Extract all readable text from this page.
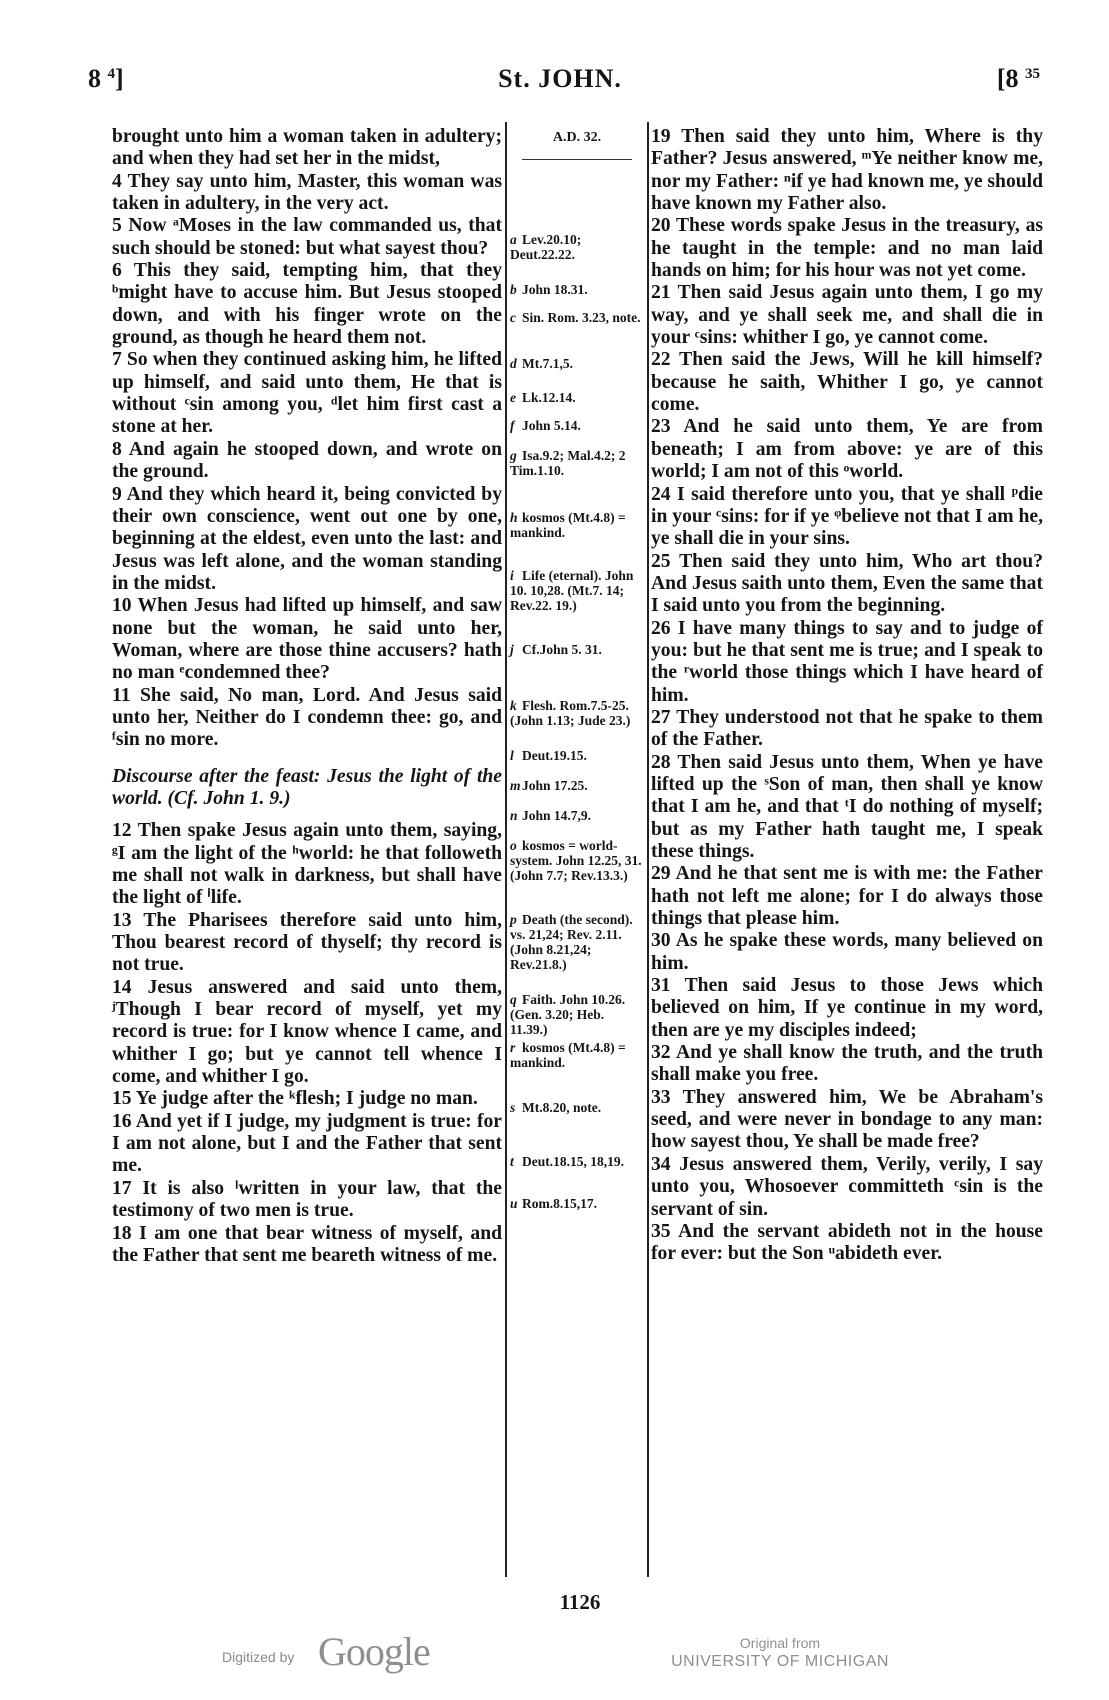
8 $^4$]	St. JOHN.	[8 $^{35}$

brought unto him a woman taken in adultery; and when they had set her in the midst,

4 They say unto him, Master, this woman was taken in adultery, in the very act.

5 Now ᵃMoses in the law commanded us, that such should be stoned: but what sayest thou?

6 This they said, tempting him, that they ᵇmight have to accuse him. But Jesus stooped down, and with his finger wrote on the ground, as though he heard them not.

7 So when they continued asking him, he lifted up himself, and said unto them, He that is without ᶜsin among you, ᵈlet him first cast a stone at her.

8 And again he stooped down, and wrote on the ground.

9 And they which heard it, being convicted by their own conscience, went out one by one, beginning at the eldest, even unto the last: and Jesus was left alone, and the woman standing in the midst.

10 When Jesus had lifted up himself, and saw none but the woman, he said unto her, Woman, where are those thine accusers? hath no man ᵉcondemned thee?

11 She said, No man, Lord. And Jesus said unto her, Neither do I condemn thee: go, and ᶠsin no more.

Discourse after the feast: Jesus the light of the world. (Cf. John 1. 9.)

12 Then spake Jesus again unto them, saying, ᵍI am the light of the ʰworld: he that followeth me shall not walk in darkness, but shall have the light of ⁱlife.

13 The Pharisees therefore said unto him, Thou bearest record of thyself; thy record is not true.

14 Jesus answered and said unto them, ʲThough I bear record of myself, yet my record is true: for I know whence I came, and whither I go; but ye cannot tell whence I come, and whither I go.

15 Ye judge after the ᵏflesh; I judge no man.

16 And yet if I judge, my judgment is true: for I am not alone, but I and the Father that sent me.

17 It is also ˡwritten in your law, that the testimony of two men is true.

18 I am one that bear witness of myself, and the Father that sent me beareth witness of me.

A.D. 32.
a Lev.20.10; Deut.22.22.
b John 18.31.
c Sin. Rom. 3.23, note.
d Mt.7.1,5.
e Lk.12.14.
f John 5.14.
g Isa.9.2; Mal.4.2; 2 Tim.1.10.
h kosmos (Mt.4.8) = mankind.
i Life (eternal). John 10. 10,28. (Mt.7. 14; Rev.22. 19.)
j Cf.John 5. 31.
k Flesh. Rom.7.5-25. (John 1.13; Jude 23.)
l Deut.19.15.
mJohn 17.25.
n John 14.7,9.
o kosmos = world-system. John 12.25, 31. (John 7.7; Rev.13.3.)
p Death (the second). vs. 21,24; Rev. 2.11. (John 8.21,24; Rev.21.8.)
q Faith. John 10.26. (Gen. 3.20; Heb. 11.39.)
r kosmos (Mt.4.8) = mankind.
s Mt.8.20, note.
t Deut.18.15, 18,19.
u Rom.8.15,17.

19 Then said they unto him, Where is thy Father? Jesus answered, ᵐYe neither know me, nor my Father: ⁿif ye had known me, ye should have known my Father also.

20 These words spake Jesus in the treasury, as he taught in the temple: and no man laid hands on him; for his hour was not yet come.

21 Then said Jesus again unto them, I go my way, and ye shall seek me, and shall die in your ᶜsins: whither I go, ye cannot come.

22 Then said the Jews, Will he kill himself? because he saith, Whither I go, ye cannot come.

23 And he said unto them, Ye are from beneath; I am from above: ye are of this world; I am not of this ᵒworld.

24 I said therefore unto you, that ye shall ᵖdie in your ᶜsins: for if ye ᵠbelieve not that I am he, ye shall die in your sins.

25 Then said they unto him, Who art thou? And Jesus saith unto them, Even the same that I said unto you from the beginning.

26 I have many things to say and to judge of you: but he that sent me is true; and I speak to the ʳworld those things which I have heard of him.

27 They understood not that he spake to them of the Father.

28 Then said Jesus unto them, When ye have lifted up the ˢSon of man, then shall ye know that I am he, and that ᵗI do nothing of myself; but as my Father hath taught me, I speak these things.

29 And he that sent me is with me: the Father hath not left me alone; for I do always those things that please him.

30 As he spake these words, many believed on him.

31 Then said Jesus to those Jews which believed on him, If ye continue in my word, then are ye my disciples indeed;

32 And ye shall know the truth, and the truth shall make you free.

33 They answered him, We be Abraham's seed, and were never in bondage to any man: how sayest thou, Ye shall be made free?

34 Jesus answered them, Verily, verily, I say unto you, Whosoever committeth ᶜsin is the servant of sin.

35 And the servant abideth not in the house for ever: but the Son ᵘabideth ever.

1126
Digitized by Google	Original from
UNIVERSITY OF MICHIGAN
